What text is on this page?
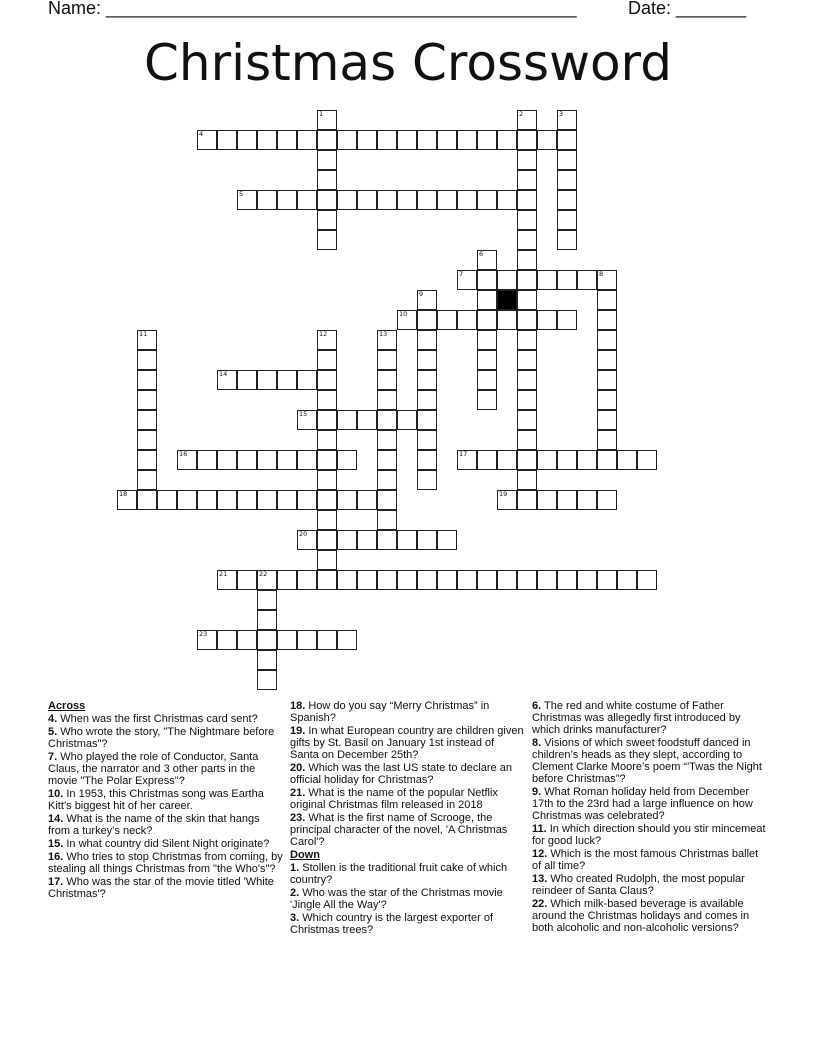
Name: _______________________________________________	Date: _______
Christmas Crossword
1	2	3
4
5
6
7	8
9
10
11	12	13
14
15
16	17
18	19
20
21	22
23
Across
4. When was the first Christmas card sent?
5. Who wrote the story, "The Nightmare before Christmas"?
7. Who played the role of Conductor, Santa Claus, the narrator and 3 other parts in the movie "The Polar Express"?
10. In 1953, this Christmas song was Eartha Kitt’s biggest hit of her career.
14. What is the name of the skin that hangs from a turkey’s neck?
15. In what country did Silent Night originate?
16. Who tries to stop Christmas from coming, by stealing all things Christmas from "the Who's"?
17. Who was the star of the movie titled 'White Christmas'?
18. How do you say “Merry Christmas” in Spanish?
19. In what European country are children given gifts by St. Basil on January 1st instead of Santa on December 25th?
20. Which was the last US state to declare an official holiday for Christmas?
21. What is the name of the popular Netflix original Christmas film released in 2018
23. What is the first name of Scrooge, the principal character of the novel, 'A Christmas Carol'?
Down
1. Stollen is the traditional fruit cake of which country?
2. Who was the star of the Christmas movie 'Jingle All the Way'?
3. Which country is the largest exporter of Christmas trees?
6. The red and white costume of Father Christmas was allegedly first introduced by which drinks manufacturer?
8. Visions of which sweet foodstuff danced in children’s heads as they slept, according to Clement Clarke Moore’s poem “'Twas the Night before Christmas”?
9. What Roman holiday held from December 17th to the 23rd had a large influence on how Christmas was celebrated?
11. In which direction should you stir mincemeat for good luck?
12. Which is the most famous Christmas ballet of all time?
13. Who created Rudolph, the most popular reindeer of Santa Claus?
22. Which milk-based beverage is available around the Christmas holidays and comes in both alcoholic and non-alcoholic versions?
